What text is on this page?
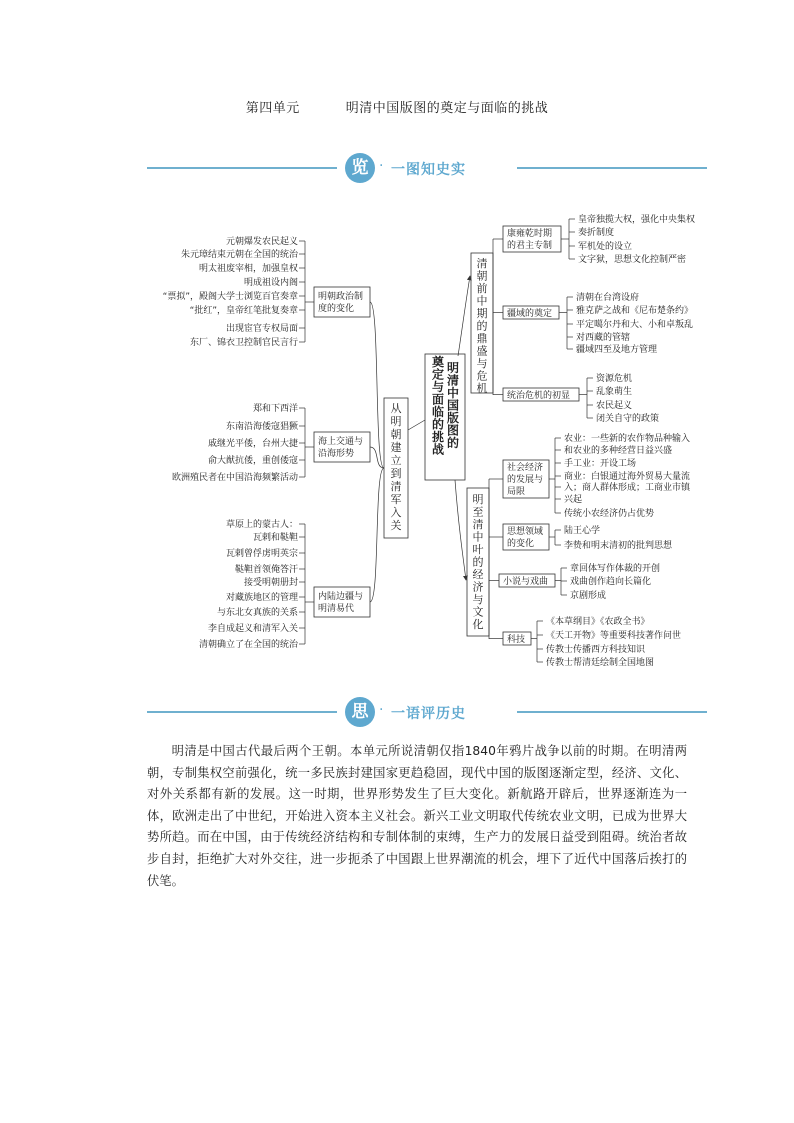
第四单元	明清中国版图的奠定与面临的挑战
览	一图知史实
·
明
清
中
国
版
图
的
奠
定
与
面
临
的
挑
战
从
明
朝
建
立
到
清
军
入
关
明朝政治制
度的变化
元朝爆发农民起义
朱元璋结束元朝在全国的统治
明太祖废宰相，加强皇权
明成祖设内阁
“票拟”，殿阁大学士浏览百官奏章
“批红”，皇帝红笔批复奏章
出现宦官专权局面
东厂、锦衣卫控制官民言行
海上交通与
沿海形势
郑和下西洋
东南沿海倭寇猖獗
戚继光平倭，台州大捷
俞大猷抗倭，重创倭寇
欧洲殖民者在中国沿海频繁活动
内陆边疆与
明清易代
草原上的蒙古人：
瓦剌和鞑靼
瓦剌曾俘虏明英宗
鞑靼首领俺答汗
接受明朝册封
对藏族地区的管理
与东北女真族的关系
李自成起义和清军入关
清朝确立了在全国的统治
清
朝
前
中
期
的
鼎
盛
与
危
机
康雍乾时期
的君主专制
皇帝独揽大权，强化中央集权
奏折制度
军机处的设立
文字狱，思想文化控制严密
疆域的奠定
清朝在台湾设府
雅克萨之战和《尼布楚条约》
平定噶尔丹和大、小和卓叛乱
对西藏的管辖
疆域四至及地方管理
统治危机的初显
资源危机
乱象萌生
农民起义
闭关自守的政策
明
至
清
中
叶
的
经
济
与
文
化
社会经济
的发展与
局限
农业：一些新的农作物品种输入
和农业的多种经营日益兴盛
手工业：开设工场
商业：白银通过海外贸易大量流
入；商人群体形成；工商业市镇
兴起
传统小农经济仍占优势
思想领域
的变化
陆王心学
李贽和明末清初的批判思想
小说与戏曲
章回体写作体裁的开创
戏曲创作趋向长篇化
京剧形成
科技
《本草纲目》《农政全书》
《天工开物》等重要科技著作问世
传教士传播西方科技知识
传教士帮清廷绘制全国地图
思 · 一语评历史
明清是中国古代最后两个王朝。本单元所说清朝仅指1840年鸦片战争以前的时期。在明清两朝，专制集权空前强化，统一多民族封建国家更趋稳固，现代中国的版图逐渐定型，经济、文化、对外关系都有新的发展。这一时期，世界形势发生了巨大变化。新航路开辟后，世界逐渐连为一体，欧洲走出了中世纪，开始进入资本主义社会。新兴工业文明取代传统农业文明，已成为世界大势所趋。而在中国，由于传统经济结构和专制体制的束缚，生产力的发展日益受到阻碍。统治者故步自封，拒绝扩大对外交往，进一步扼杀了中国跟上世界潮流的机会，埋下了近代中国落后挨打的伏笔。
